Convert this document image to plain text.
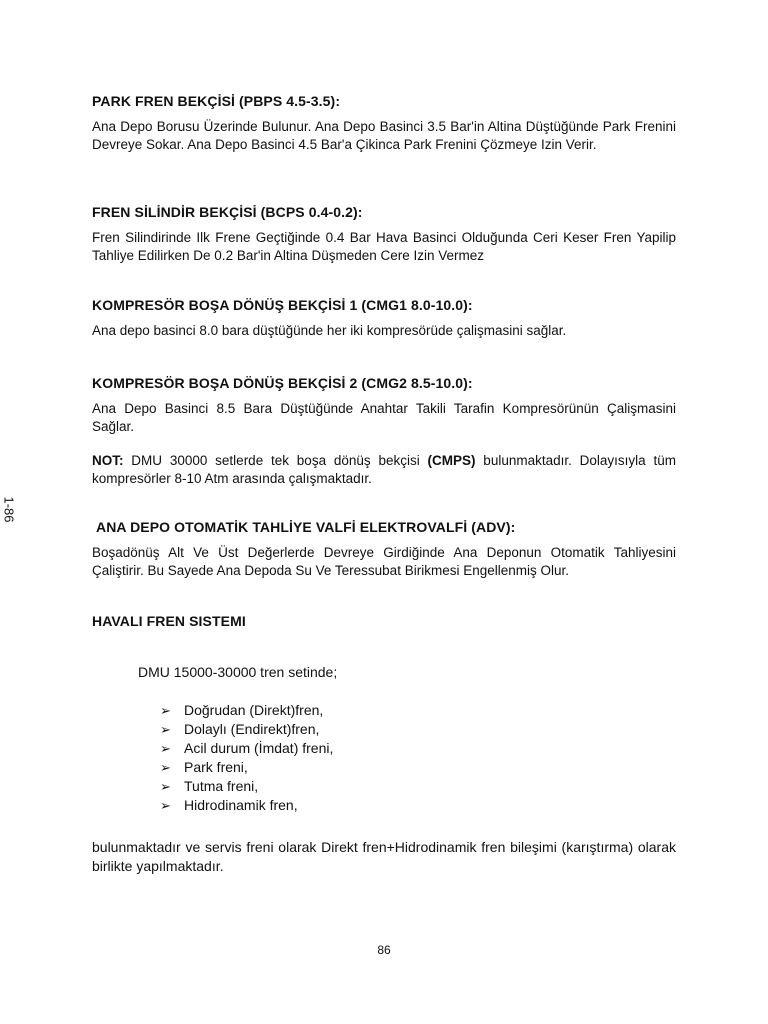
1-86
PARK FREN BEKÇİSİ (PBPS 4.5-3.5):
Ana Depo Borusu Üzerinde Bulunur. Ana Depo Basinci 3.5 Bar'in Altina Düştüğünde Park Frenini Devreye Sokar. Ana Depo Basinci 4.5 Bar'a Çikinca Park Frenini Çözmeye Izin Verir.
FREN SİLİNDİR BEKÇİSİ (BCPS 0.4-0.2):
Fren Silindirinde Ilk Frene Geçtiğinde 0.4 Bar Hava Basinci Olduğunda Ceri Keser Fren Yapilip Tahliye Edilirken De 0.2 Bar'in Altina Düşmeden Cere Izin Vermez
KOMPRESÖR BOŞA DÖNÜŞ BEKÇİSİ 1 (CMG1 8.0-10.0):
Ana depo basinci 8.0 bara düştüğünde her iki kompresörüde çalişmasini sağlar.
KOMPRESÖR BOŞA DÖNÜŞ BEKÇİSİ 2 (CMG2 8.5-10.0):
Ana Depo Basinci 8.5 Bara Düştüğünde Anahtar Takili Tarafin Kompresörünün Çalişmasini Sağlar.
NOT: DMU 30000 setlerde tek boşa dönüş bekçisi (CMPS) bulunmaktadır. Dolayısıyla tüm kompresörler 8-10 Atm arasında çalışmaktadır.
ANA DEPO OTOMATİK TAHLİYE VALFİ ELEKTROVALFİ (ADV):
Boşadönüş Alt Ve Üst Değerlerde Devreye Girdiğinde Ana Deponun Otomatik Tahliyesini Çaliştirir. Bu Sayede Ana Depoda Su Ve Teressubat Birikmesi Engellenmiş Olur.
HAVALI FREN SISTEMI
DMU 15000-30000 tren setinde;
➢ Doğrudan (Direkt)fren,
➢ Dolaylı (Endirekt)fren,
➢ Acil durum (İmdat) freni,
➢ Park freni,
➢ Tutma freni,
➢ Hidrodinamik fren,
bulunmaktadır ve servis freni olarak Direkt fren+Hidrodinamik fren bileşimi (karıştırma) olarak birlikte yapılmaktadır.
86
